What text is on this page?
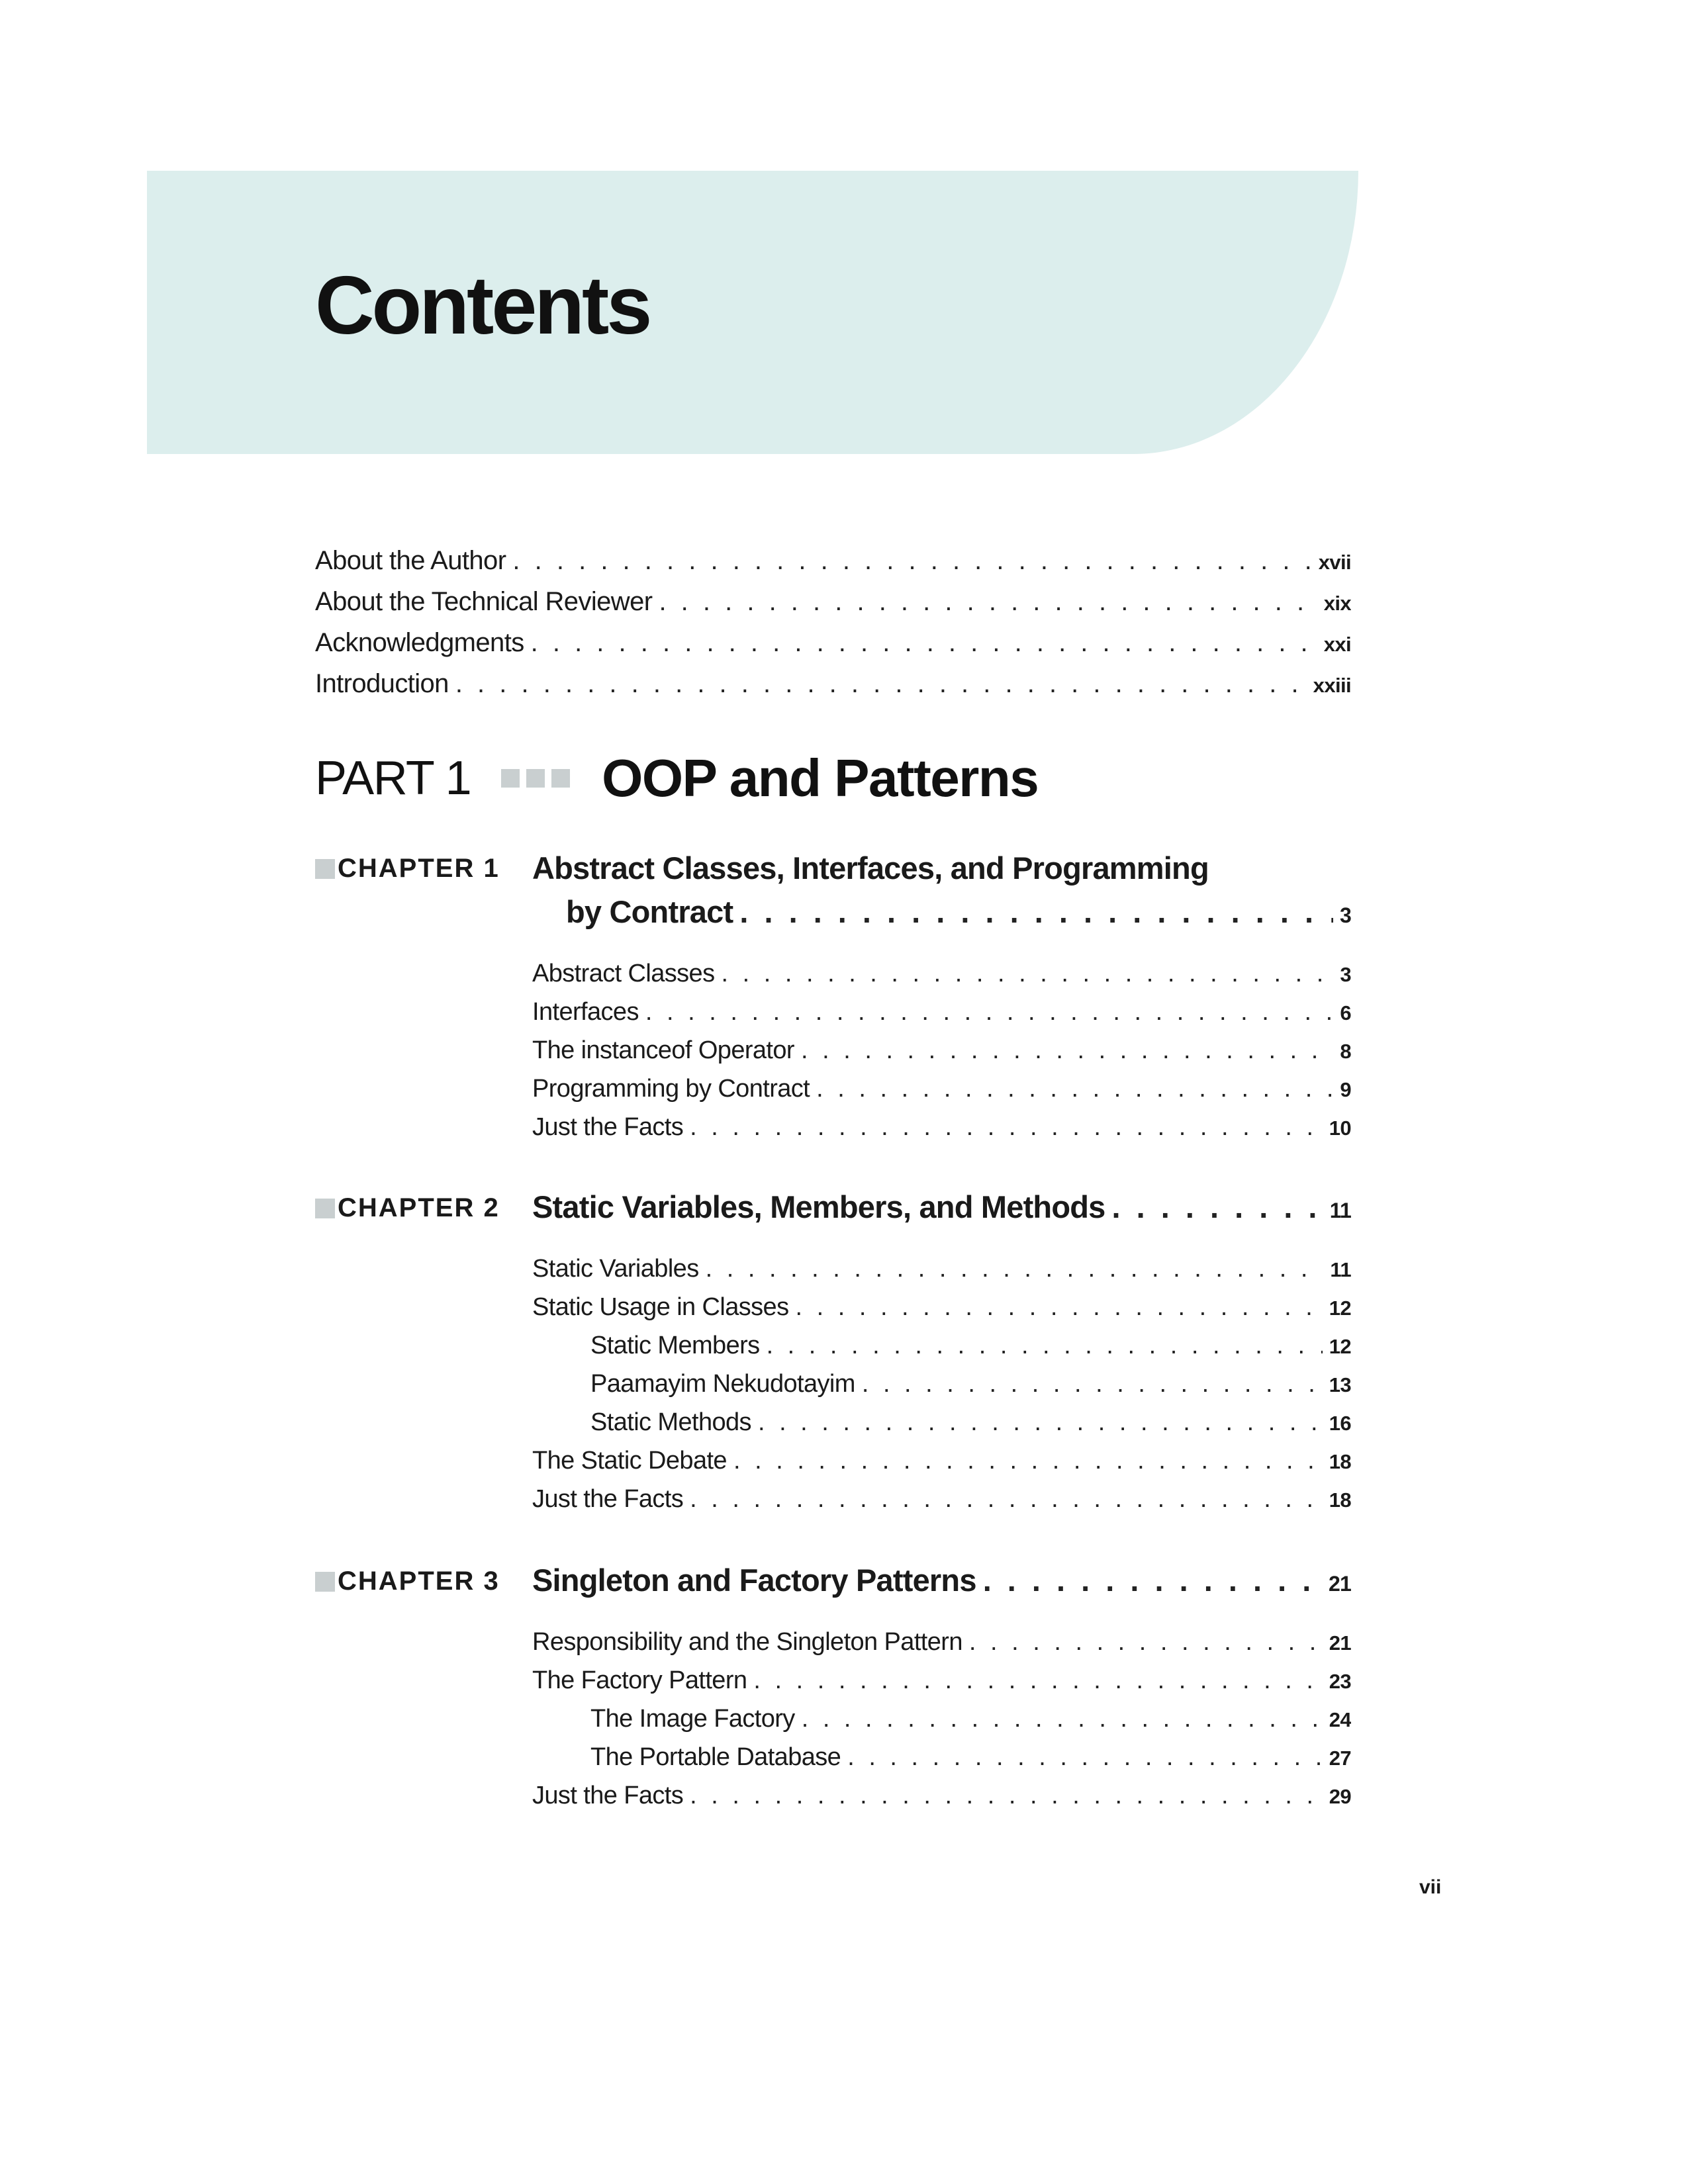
Contents
About the Author . . .	xvii
About the Technical Reviewer . . .	xix
Acknowledgments . . .	xxi
Introduction . . .	xxiii
PART 1 OOP and Patterns
CHAPTER 1 Abstract Classes, Interfaces, and Programming
by Contract . . .	3
Abstract Classes . . .	3
Interfaces . . .	6
The instanceof Operator . . .	8
Programming by Contract . . .	9
Just the Facts . . .	10
CHAPTER 2 Static Variables, Members, and Methods . . .	11
Static Variables . . .	11
Static Usage in Classes . . .	12
Static Members . . .	12
Paamayim Nekudotayim . . .	13
Static Methods . . .	16
The Static Debate . . .	18
Just the Facts . . .	18
CHAPTER 3 Singleton and Factory Patterns . . .	21
Responsibility and the Singleton Pattern . . .	21
The Factory Pattern . . .	23
The Image Factory . . .	24
The Portable Database . . .	27
Just the Facts . . .	29
vii
